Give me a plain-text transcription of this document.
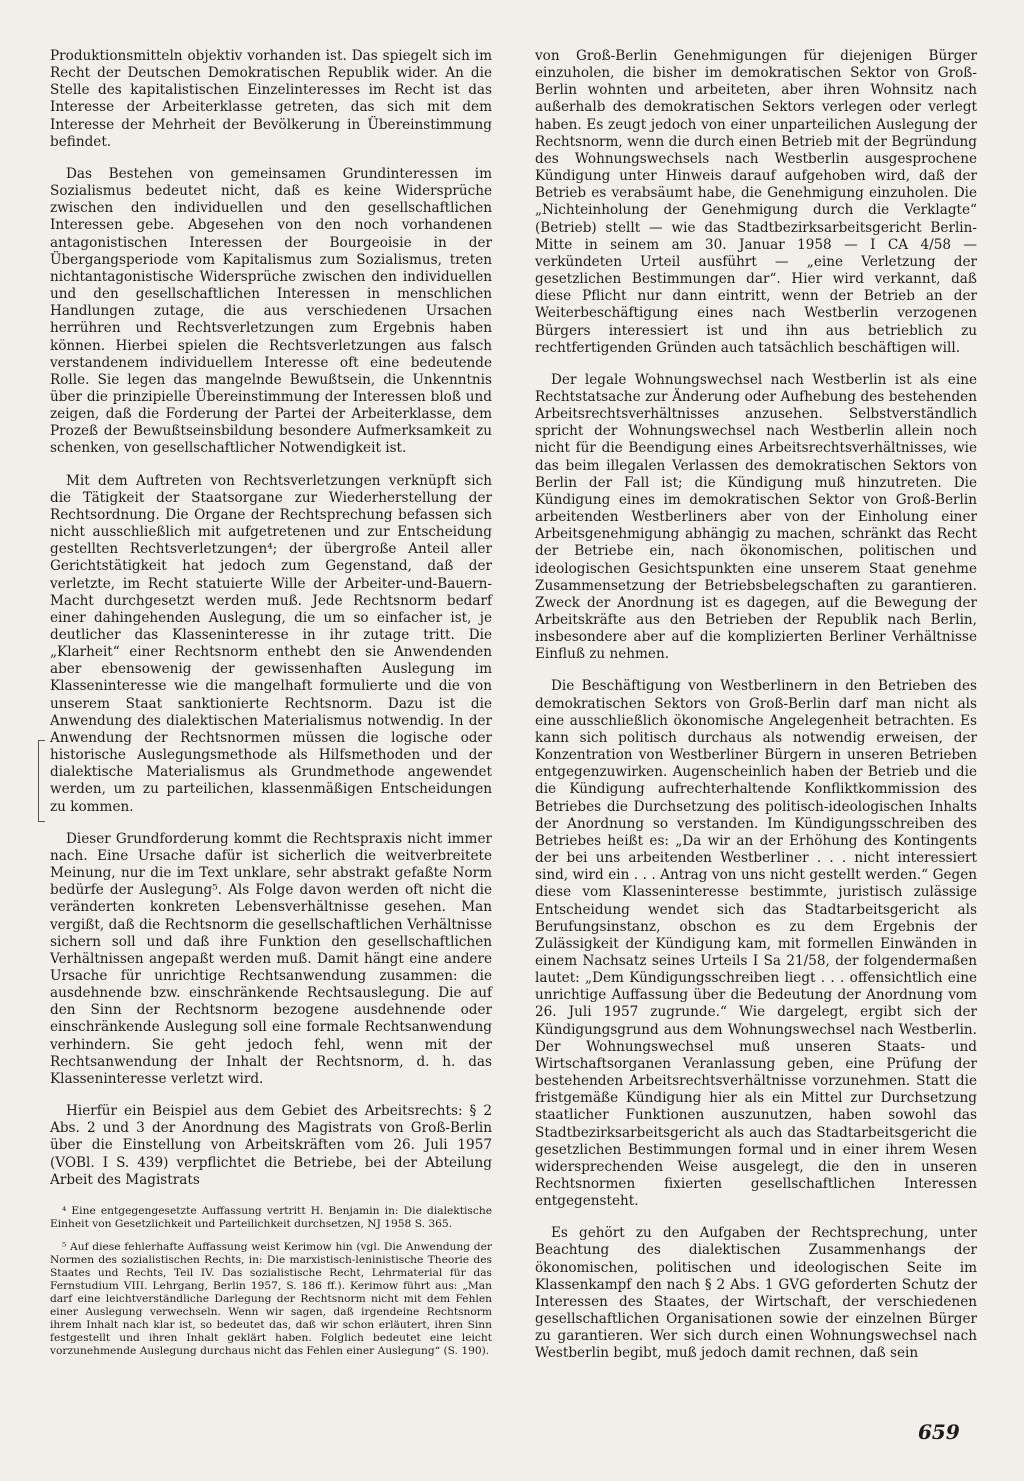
Produktionsmitteln objektiv vorhanden ist. Das spiegelt sich im Recht der Deutschen Demokratischen Republik wider. An die Stelle des kapitalistischen Einzelinteresses im Recht ist das Interesse der Arbeiterklasse getreten, das sich mit dem Interesse der Mehrheit der Bevölkerung in Übereinstimmung befindet.

Das Bestehen von gemeinsamen Grundinteressen im Sozialismus bedeutet nicht, daß es keine Widersprüche zwischen den individuellen und den gesellschaftlichen Interessen gebe. Abgesehen von den noch vorhandenen antagonistischen Interessen der Bourgeoisie in der Übergangsperiode vom Kapitalismus zum Sozialismus, treten nichtantagonistische Widersprüche zwischen den individuellen und den gesellschaftlichen Interessen in menschlichen Handlungen zutage, die aus verschiedenen Ursachen herrühren und Rechtsverletzungen zum Ergebnis haben können. Hierbei spielen die Rechtsverletzungen aus falsch verstandenem individuellem Interesse oft eine bedeutende Rolle. Sie legen das mangelnde Bewußtsein, die Unkenntnis über die prinzipielle Übereinstimmung der Interessen bloß und zeigen, daß die Forderung der Partei der Arbeiterklasse, dem Prozeß der Bewußtseinsbildung besondere Aufmerksamkeit zu schenken, von gesellschaftlicher Notwendigkeit ist.

Mit dem Auftreten von Rechtsverletzungen verknüpft sich die Tätigkeit der Staatsorgane zur Wiederherstellung der Rechtsordnung. Die Organe der Rechtsprechung befassen sich nicht ausschließlich mit aufgetretenen und zur Entscheidung gestellten Rechtsverletzungen⁴; der übergroße Anteil aller Gerichtstätigkeit hat jedoch zum Gegenstand, daß der verletzte, im Recht statuierte Wille der Arbeiter-und-Bauern-Macht durchgesetzt werden muß. Jede Rechtsnorm bedarf einer dahingehenden Auslegung, die um so einfacher ist, je deutlicher das Klasseninteresse in ihr zutage tritt. Die „Klarheit“ einer Rechtsnorm enthebt den sie Anwendenden aber ebensowenig der gewissenhaften Auslegung im Klasseninteresse wie die mangelhaft formulierte und die von unserem Staat sanktionierte Rechtsnorm. Dazu ist die Anwendung des dialektischen Materialismus notwendig. In der Anwendung der Rechtsnormen müssen die logische oder historische Auslegungsmethode als Hilfsmethoden und der dialektische Materialismus als Grundmethode angewendet werden, um zu parteilichen, klassenmäßigen Entscheidungen zu kommen.

Dieser Grundforderung kommt die Rechtspraxis nicht immer nach. Eine Ursache dafür ist sicherlich die weitverbreitete Meinung, nur die im Text unklare, sehr abstrakt gefaßte Norm bedürfe der Auslegung⁵. Als Folge davon werden oft nicht die veränderten konkreten Lebensverhältnisse gesehen. Man vergißt, daß die Rechtsnorm die gesellschaftlichen Verhältnisse sichern soll und daß ihre Funktion den gesellschaftlichen Verhältnissen angepaßt werden muß. Damit hängt eine andere Ursache für unrichtige Rechtsanwendung zusammen: die ausdehnende bzw. einschränkende Rechtsauslegung. Die auf den Sinn der Rechtsnorm bezogene ausdehnende oder einschränkende Auslegung soll eine formale Rechtsanwendung verhindern. Sie geht jedoch fehl, wenn mit der Rechtsanwendung der Inhalt der Rechtsnorm, d. h. das Klasseninteresse verletzt wird.

Hierfür ein Beispiel aus dem Gebiet des Arbeitsrechts: § 2 Abs. 2 und 3 der Anordnung des Magistrats von Groß-Berlin über die Einstellung von Arbeitskräften vom 26. Juli 1957 (VOBl. I S. 439) verpflichtet die Betriebe, bei der Abteilung Arbeit des Magistrats

⁴ Eine entgegengesetzte Auffassung vertritt H. Benjamin in: Die dialektische Einheit von Gesetzlichkeit und Parteilichkeit durchsetzen, NJ 1958 S. 365.

⁵ Auf diese fehlerhafte Auffassung weist Kerimow hin (vgl. Die Anwendung der Normen des sozialistischen Rechts, in: Die marxistisch-leninistische Theorie des Staates und Rechts, Teil IV. Das sozialistische Recht, Lehrmaterial für das Fernstudium VIII. Lehrgang, Berlin 1957, S. 186 ff.). Kerimow führt aus: „Man darf eine leichtverständliche Darlegung der Rechtsnorm nicht mit dem Fehlen einer Auslegung verwechseln. Wenn wir sagen, daß irgendeine Rechtsnorm ihrem Inhalt nach klar ist, so bedeutet das, daß wir schon erläutert, ihren Sinn festgestellt und ihren Inhalt geklärt haben. Folglich bedeutet eine leicht vorzunehmende Auslegung durchaus nicht das Fehlen einer Auslegung“ (S. 190).

von Groß-Berlin Genehmigungen für diejenigen Bürger einzuholen, die bisher im demokratischen Sektor von Groß-Berlin wohnten und arbeiteten, aber ihren Wohnsitz nach außerhalb des demokratischen Sektors verlegen oder verlegt haben. Es zeugt jedoch von einer unparteilichen Auslegung der Rechtsnorm, wenn die durch einen Betrieb mit der Begründung des Wohnungswechsels nach Westberlin ausgesprochene Kündigung unter Hinweis darauf aufgehoben wird, daß der Betrieb es verabsäumt habe, die Genehmigung einzuholen. Die „Nichteinholung der Genehmigung durch die Verklagte“ (Betrieb) stellt — wie das Stadtbezirksarbeitsgericht Berlin-Mitte in seinem am 30. Januar 1958 — I CA 4/58 — verkündeten Urteil ausführt — „eine Verletzung der gesetzlichen Bestimmungen dar“. Hier wird verkannt, daß diese Pflicht nur dann eintritt, wenn der Betrieb an der Weiterbeschäftigung eines nach Westberlin verzogenen Bürgers interessiert ist und ihn aus betrieblich zu rechtfertigenden Gründen auch tatsächlich beschäftigen will.

Der legale Wohnungswechsel nach Westberlin ist als eine Rechtstatsache zur Änderung oder Aufhebung des bestehenden Arbeitsrechtsverhältnisses anzusehen. Selbstverständlich spricht der Wohnungswechsel nach Westberlin allein noch nicht für die Beendigung eines Arbeitsrechtsverhältnisses, wie das beim illegalen Verlassen des demokratischen Sektors von Berlin der Fall ist; die Kündigung muß hinzutreten. Die Kündigung eines im demokratischen Sektor von Groß-Berlin arbeitenden Westberliners aber von der Einholung einer Arbeitsgenehmigung abhängig zu machen, schränkt das Recht der Betriebe ein, nach ökonomischen, politischen und ideologischen Gesichtspunkten eine unserem Staat genehme Zusammensetzung der Betriebsbelegschaften zu garantieren. Zweck der Anordnung ist es dagegen, auf die Bewegung der Arbeitskräfte aus den Betrieben der Republik nach Berlin, insbesondere aber auf die komplizierten Berliner Verhältnisse Einfluß zu nehmen.

Die Beschäftigung von Westberlinern in den Betrieben des demokratischen Sektors von Groß-Berlin darf man nicht als eine ausschließlich ökonomische Angelegenheit betrachten. Es kann sich politisch durchaus als notwendig erweisen, der Konzentration von Westberliner Bürgern in unseren Betrieben entgegenzuwirken. Augenscheinlich haben der Betrieb und die die Kündigung aufrechterhaltende Konfliktkommission des Betriebes die Durchsetzung des politisch-ideologischen Inhalts der Anordnung so verstanden. Im Kündigungsschreiben des Betriebes heißt es: „Da wir an der Erhöhung des Kontingents der bei uns arbeitenden Westberliner . . . nicht interessiert sind, wird ein . . . Antrag von uns nicht gestellt werden.“ Gegen diese vom Klasseninteresse bestimmte, juristisch zulässige Entscheidung wendet sich das Stadtarbeitsgericht als Berufungsinstanz, obschon es zu dem Ergebnis der Zulässigkeit der Kündigung kam, mit formellen Einwänden in einem Nachsatz seines Urteils I Sa 21/58, der folgendermaßen lautet: „Dem Kündigungsschreiben liegt . . . offensichtlich eine unrichtige Auffassung über die Bedeutung der Anordnung vom 26. Juli 1957 zugrunde.“ Wie dargelegt, ergibt sich der Kündigungsgrund aus dem Wohnungswechsel nach Westberlin. Der Wohnungswechsel muß unseren Staats- und Wirtschaftsorganen Veranlassung geben, eine Prüfung der bestehenden Arbeitsrechtsverhältnisse vorzunehmen. Statt die fristgemäße Kündigung hier als ein Mittel zur Durchsetzung staatlicher Funktionen auszunutzen, haben sowohl das Stadtbezirksarbeitsgericht als auch das Stadtarbeitsgericht die gesetzlichen Bestimmungen formal und in einer ihrem Wesen widersprechenden Weise ausgelegt, die den in unseren Rechtsnormen fixierten gesellschaftlichen Interessen entgegensteht.

Es gehört zu den Aufgaben der Rechtsprechung, unter Beachtung des dialektischen Zusammenhangs der ökonomischen, politischen und ideologischen Seite im Klassenkampf den nach § 2 Abs. 1 GVG geforderten Schutz der Interessen des Staates, der Wirtschaft, der verschiedenen gesellschaftlichen Organisationen sowie der einzelnen Bürger zu garantieren. Wer sich durch einen Wohnungswechsel nach Westberlin begibt, muß jedoch damit rechnen, daß sein

659
